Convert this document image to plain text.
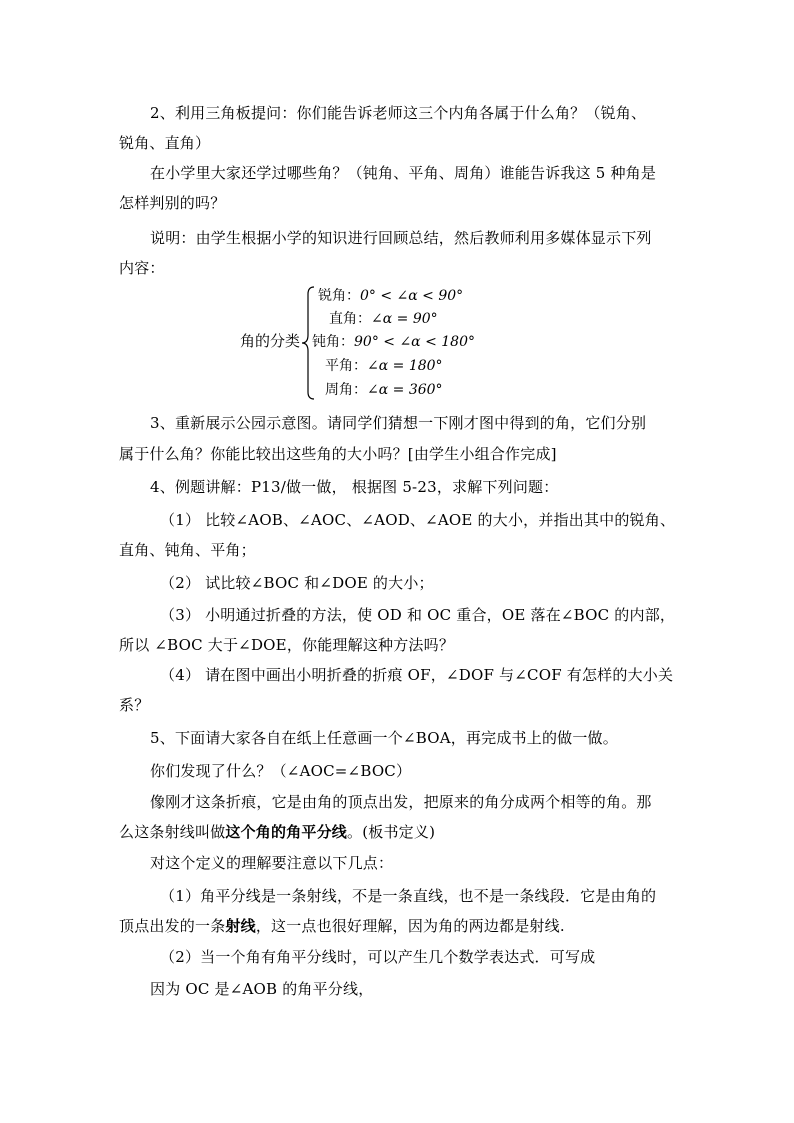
2、利用三角板提问：你们能告诉老师这三个内角各属于什么角？（锐角、
锐角、直角）
在小学里大家还学过哪些角？（钝角、平角、周角）谁能告诉我这 5 种角是
怎样判别的吗？
说明：由学生根据小学的知识进行回顾总结，然后教师利用多媒体显示下列
内容：
角的分类
锐角：0° < ∠α < 90°
直角：∠α = 90°
钝角：90° < ∠α < 180°
平角：∠α = 180°
周角：∠α = 360°
3、重新展示公园示意图。请同学们猜想一下刚才图中得到的角，它们分别
属于什么角？你能比较出这些角的大小吗？[由学生小组合作完成]
4、例题讲解：P13/做一做， 根据图 5-23，求解下列问题：
（1） 比较∠AOB、∠AOC、∠AOD、∠AOE 的大小，并指出其中的锐角、
直角、钝角、平角；
（2） 试比较∠BOC 和∠DOE 的大小；
（3） 小明通过折叠的方法，使 OD 和 OC 重合，OE 落在∠BOC 的内部，
所以 ∠BOC 大于∠DOE，你能理解这种方法吗？
（4） 请在图中画出小明折叠的折痕 OF，∠DOF 与∠COF 有怎样的大小关
系？
5、下面请大家各自在纸上任意画一个∠BOA，再完成书上的做一做。
你们发现了什么？（∠AOC=∠BOC）
像刚才这条折痕，它是由角的顶点出发，把原来的角分成两个相等的角。那
么这条射线叫做这个角的角平分线。(板书定义)
对这个定义的理解要注意以下几点：
（1）角平分线是一条射线，不是一条直线，也不是一条线段．它是由角的
顶点出发的一条射线，这一点也很好理解，因为角的两边都是射线.
（2）当一个角有角平分线时，可以产生几个数学表达式．可写成
因为 OC 是∠AOB 的角平分线，
